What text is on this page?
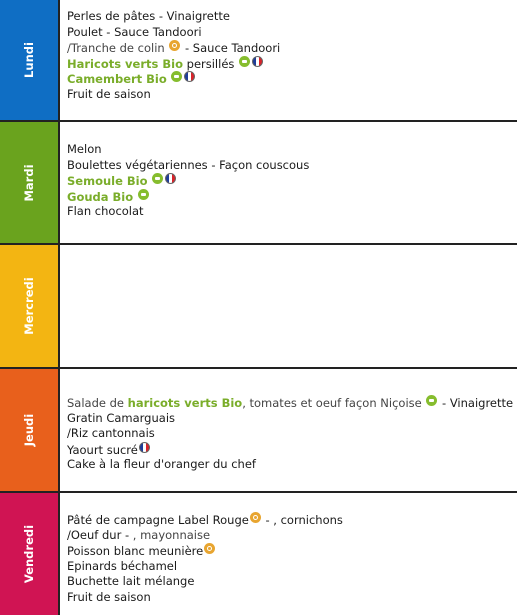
Lundi
Perles de pâtes - Vinaigrette
Poulet - Sauce Tandoori
/Tranche de colin  - Sauce Tandoori
Haricots verts Bio persillés
Camembert Bio
Fruit de saison
Mardi
Melon
Boulettes végétariennes - Façon couscous
Semoule Bio
Gouda Bio
Flan chocolat
Mercredi
Jeudi
Salade de haricots verts Bio, tomates et oeuf façon Niçoise  - Vinaigrette
Gratin Camarguais
/Riz cantonnais
Yaourt sucré
Cake à la fleur d'oranger du chef
Vendredi
Pâté de campagne Label Rouge - , cornichons
/Oeuf dur - , mayonnaise
Poisson blanc meunière
Epinards béchamel
Buchette lait mélange
Fruit de saison
